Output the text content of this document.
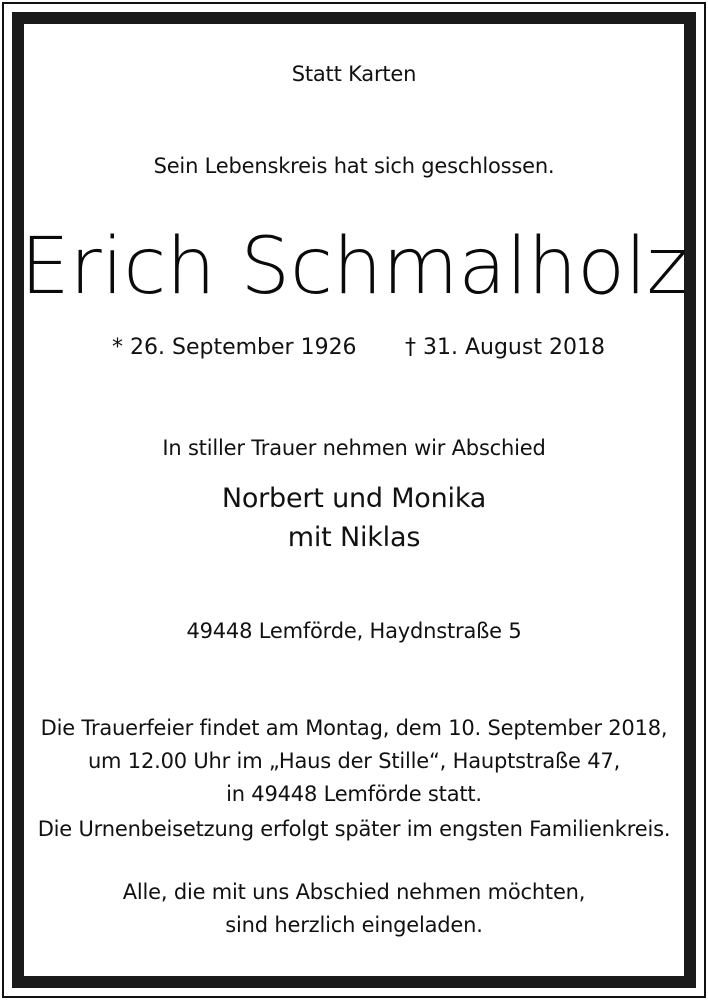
Statt Karten
Sein Lebenskreis hat sich geschlossen.
Erich Schmalholz
* 26. September 1926 † 31. August 2018
In stiller Trauer nehmen wir Abschied
Norbert und Monika
mit Niklas
49448 Lemförde, Haydnstraße 5
Die Trauerfeier findet am Montag, dem 10. September 2018,
um 12.00 Uhr im „Haus der Stille“, Hauptstraße 47,
in 49448 Lemförde statt.
Die Urnenbeisetzung erfolgt später im engsten Familienkreis.
Alle, die mit uns Abschied nehmen möchten,
sind herzlich eingeladen.
